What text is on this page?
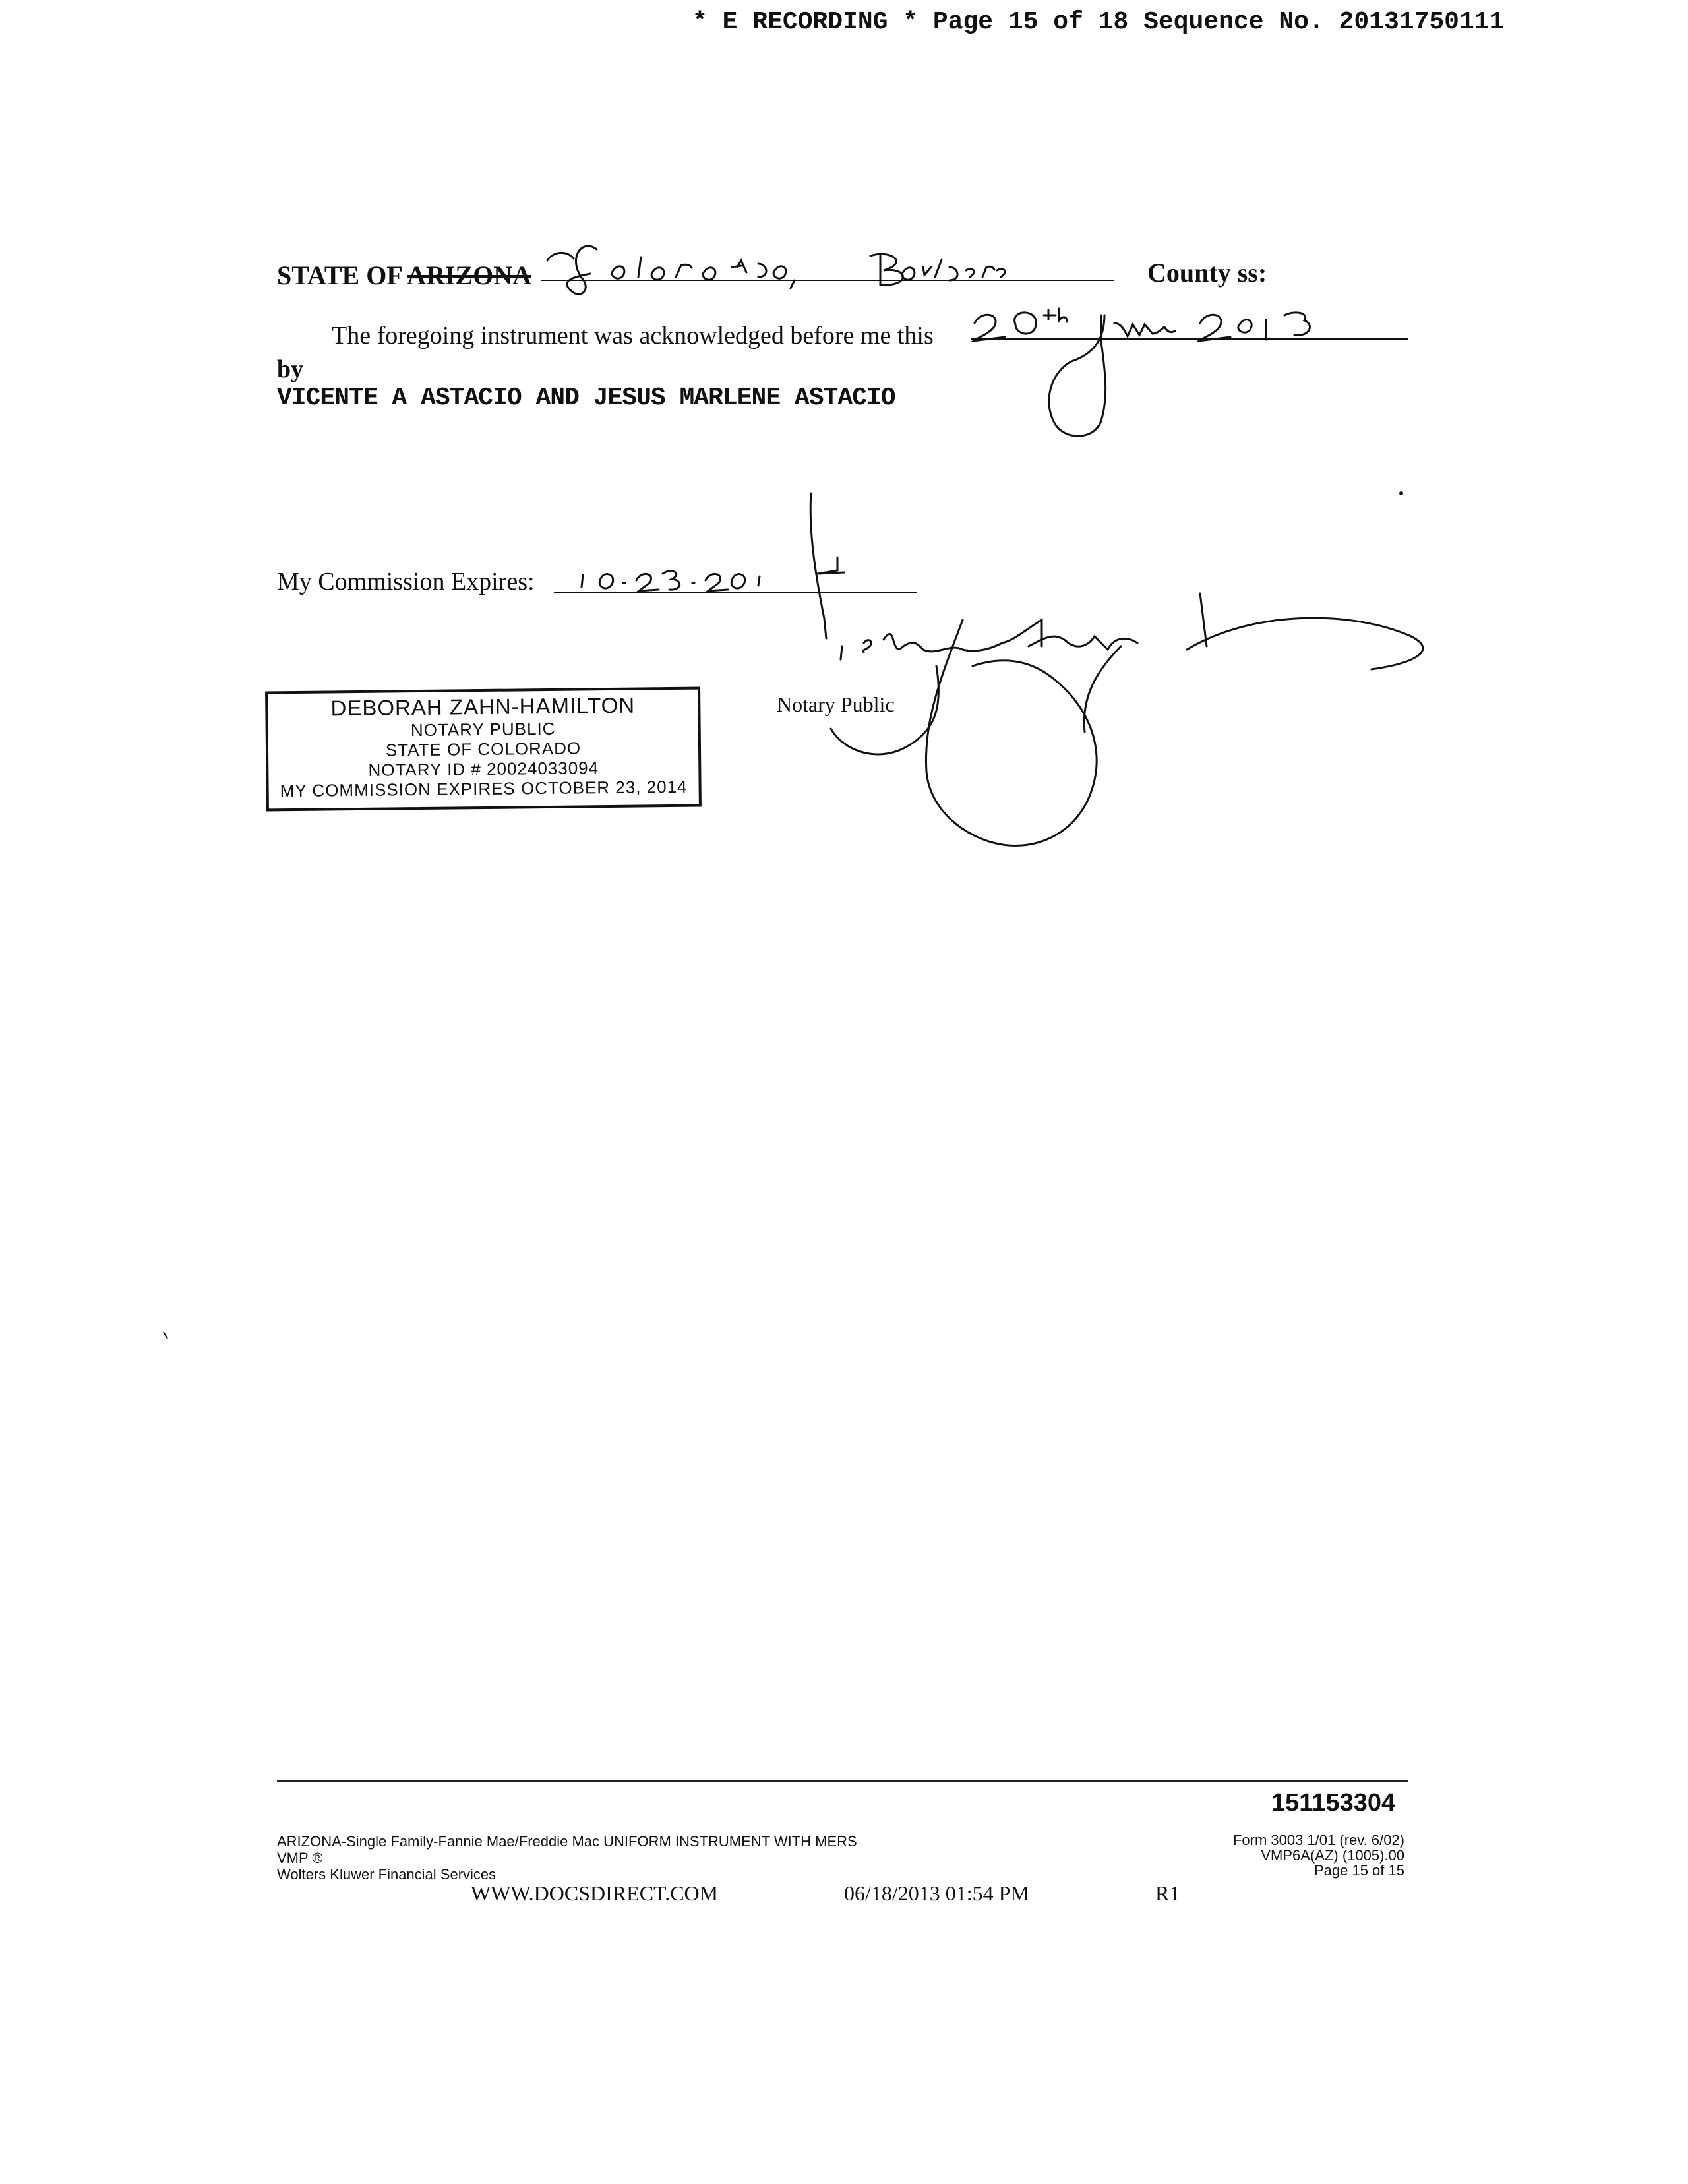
* E RECORDING * Page 15 of 18 Sequence No. 20131750111
STATE OF ARIZONA	County ss:
The foregoing instrument was acknowledged before me this
by
VICENTE A ASTACIO AND JESUS MARLENE ASTACIO
My Commission Expires:
Notary Public
DEBORAH ZAHN-HAMILTON
NOTARY PUBLIC
STATE OF COLORADO
NOTARY ID # 20024033094
MY COMMISSION EXPIRES OCTOBER 23, 2014
151153304
ARIZONA-Single Family-Fannie Mae/Freddie Mac UNIFORM INSTRUMENT WITH MERS
VMP ®
Wolters Kluwer Financial Services
Form 3003 1/01 (rev. 6/02)
VMP6A(AZ) (1005).00
Page 15 of 15
WWW.DOCSDIRECT.COM	06/18/2013 01:54 PM	R1
